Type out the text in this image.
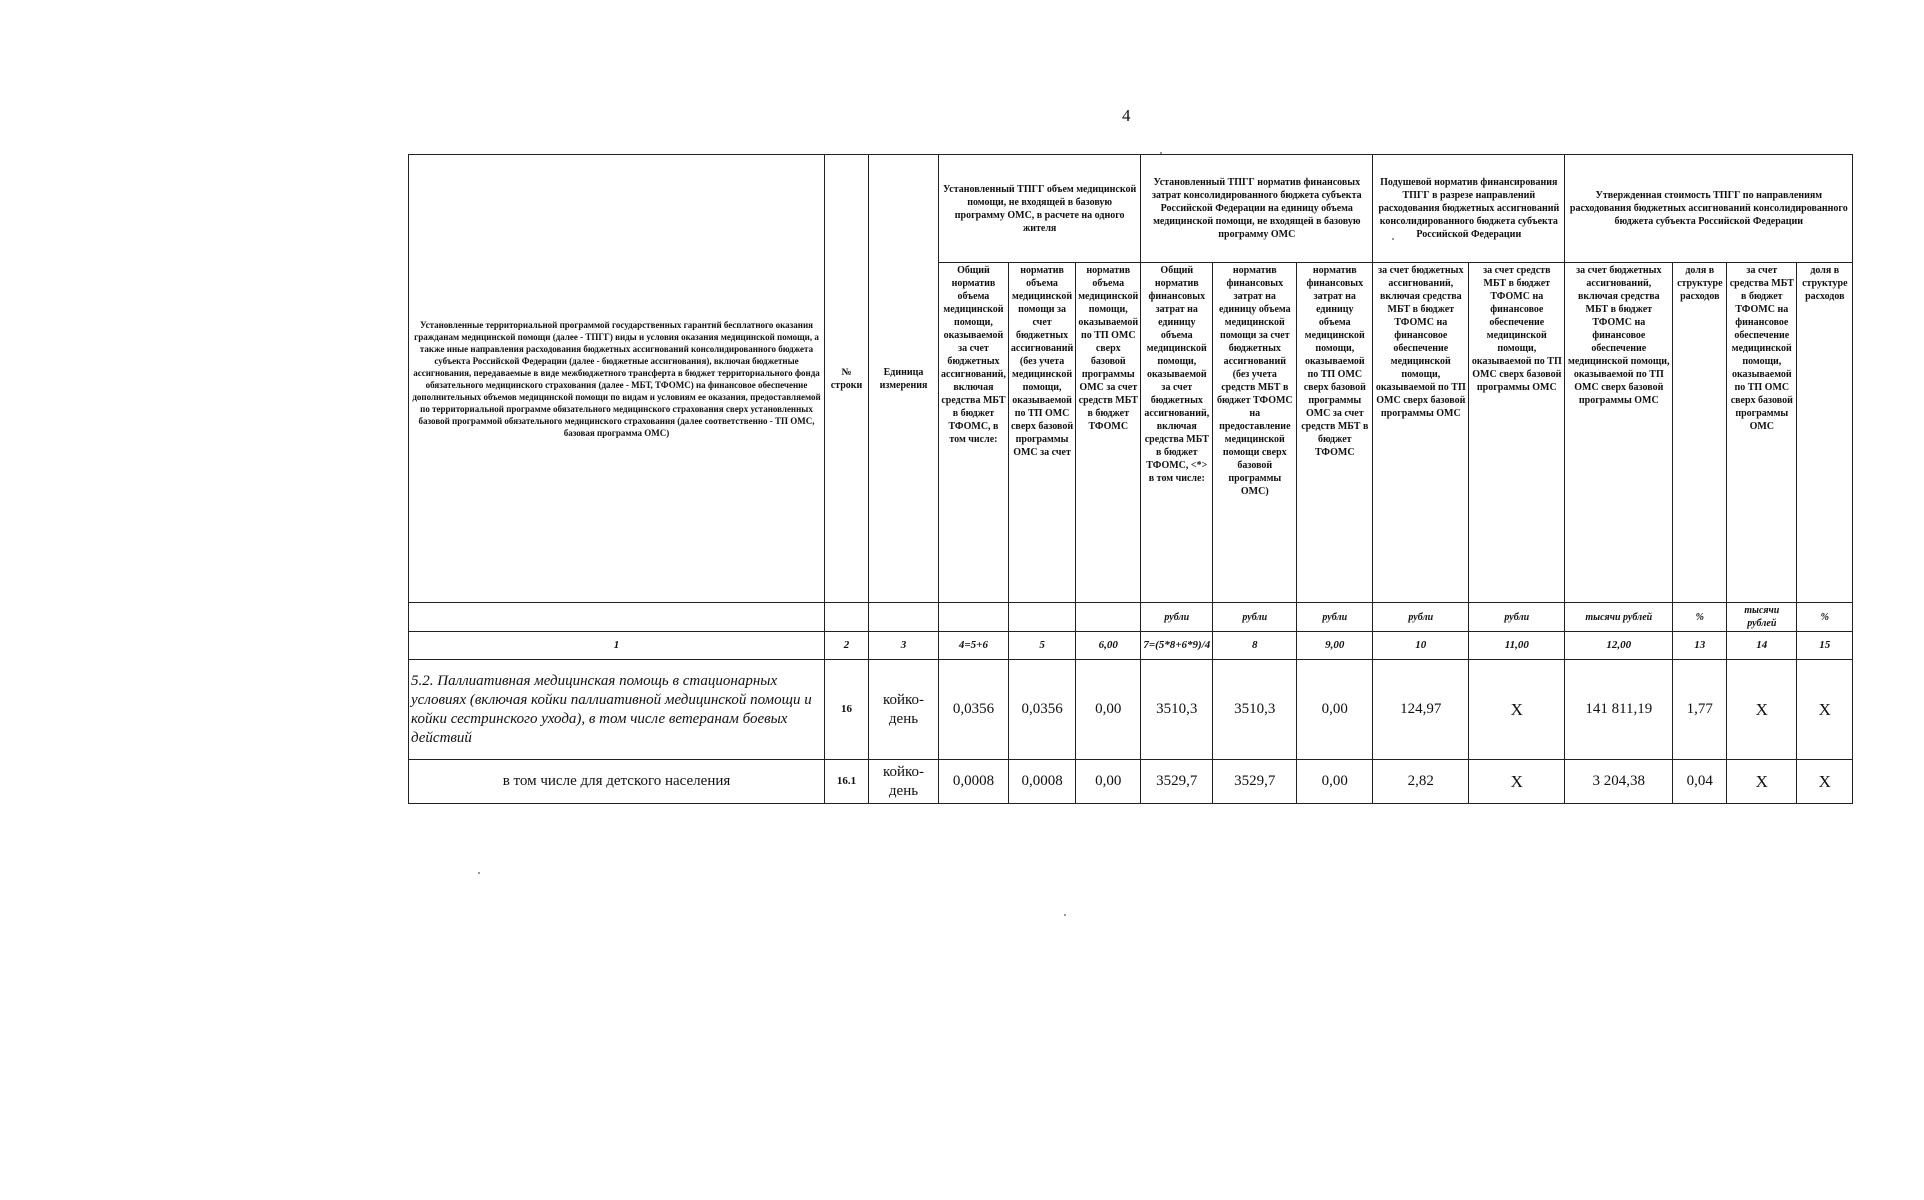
4
Установленные территориальной программой государственных гарантий бесплатного оказания гражданам медицинской помощи (далее - ТПГГ) виды и условия оказания медицинской помощи, а также иные направления расходования бюджетных ассигнований консолидированного бюджета субъекта Российской Федерации (далее - бюджетные ассигнования), включая бюджетные ассигнования, передаваемые в виде межбюджетного трансферта в бюджет территориального фонда обязательного медицинского страхования (далее - МБТ, ТФОМС) на финансовое обеспечение дополнительных объемов медицинской помощи по видам и условиям ее оказания, предоставляемой по территориальной программе обязательного медицинского страхования сверх установленных базовой программой обязательного медицинского страхования (далее соответственно - ТП ОМС, базовая программа ОМС)	№ строки	Единица измерения	Установленный ТПГГ объем медицинской помощи, не входящей в базовую программу ОМС, в расчете на одного жителя			Установленный ТПГГ норматив финансовых затрат консолидированного бюджета субъекта Российской Федерации на единицу объема медицинской помощи, не входящей в базовую программу ОМС			Подушевой норматив финансирования ТПГГ в разрезе направлений расходования бюджетных ассигнований консолидированного бюджета субъекта Российской Федерации		Утвержденная стоимость ТПГГ по направлениям расходования бюджетных ассигнований консолидированного бюджета субъекта Российской Федерации			
			Общий норматив объема медицинской помощи, оказываемой за счет бюджетных ассигнований, включая средства МБТ в бюджет ТФОМС, в том числе:	норматив объема медицинской помощи за счет бюджетных ассигнований (без учета медицинской помощи, оказываемой по ТП ОМС сверх базовой программы ОМС за счет	норматив объема медицинской помощи, оказываемой по ТП ОМС сверх базовой программы ОМС за счет средств МБТ в бюджет ТФОМС	Общий норматив финансовых затрат на единицу объема медицинской помощи, оказываемой за счет бюджетных ассигнований, включая средства МБТ в бюджет ТФОМС, <*> в том числе:	норматив финансовых затрат на единицу объема медицинской помощи за счет бюджетных ассигнований (без учета средств МБТ в бюджет ТФОМС на предоставление медицинской помощи сверх базовой программы ОМС)	норматив финансовых затрат на единицу объема медицинской помощи, оказываемой по ТП ОМС сверх базовой программы ОМС за счет средств МБТ в бюджет ТФОМС	за счет бюджетных ассигнований, включая средства МБТ в бюджет ТФОМС на финансовое обеспечение медицинской помощи, оказываемой по ТП ОМС сверх базовой программы ОМС	за счет средств МБТ в бюджет ТФОМС на финансовое обеспечение медицинской помощи, оказываемой по ТП ОМС сверх базовой программы ОМС	за счет бюджетных ассигнований, включая средства МБТ в бюджет ТФОМС на финансовое обеспечение медицинской помощи, оказываемой по ТП ОМС сверх базовой программы ОМС	доля в структуре расходов	за счет средства МБТ в бюджет ТФОМС на финансовое обеспечение медицинской помощи, оказываемой по ТП ОМС сверх базовой программы ОМС	доля в структуре расходов
						рубли	рубли	рубли	рубли	рубли	тысячи рублей	%	тысячи рублей	%
1	2	3	4=5+6	5	6,00	7=(5*8+6*9)/4	8	9,00	10	11,00	12,00	13	14	15
5.2. Паллиативная медицинская помощь в стационарных условиях (включая койки паллиативной медицинской помощи и койки сестринского ухода), в том числе ветеранам боевых действий	16	койко-день	0,0356	0,0356	0,00	3510,3	3510,3	0,00	124,97	X	141 811,19	1,77	X	X
в том числе для детского населения	16.1	койко-день	0,0008	0,0008	0,00	3529,7	3529,7	0,00	2,82	X	3 204,38	0,04	X	X
